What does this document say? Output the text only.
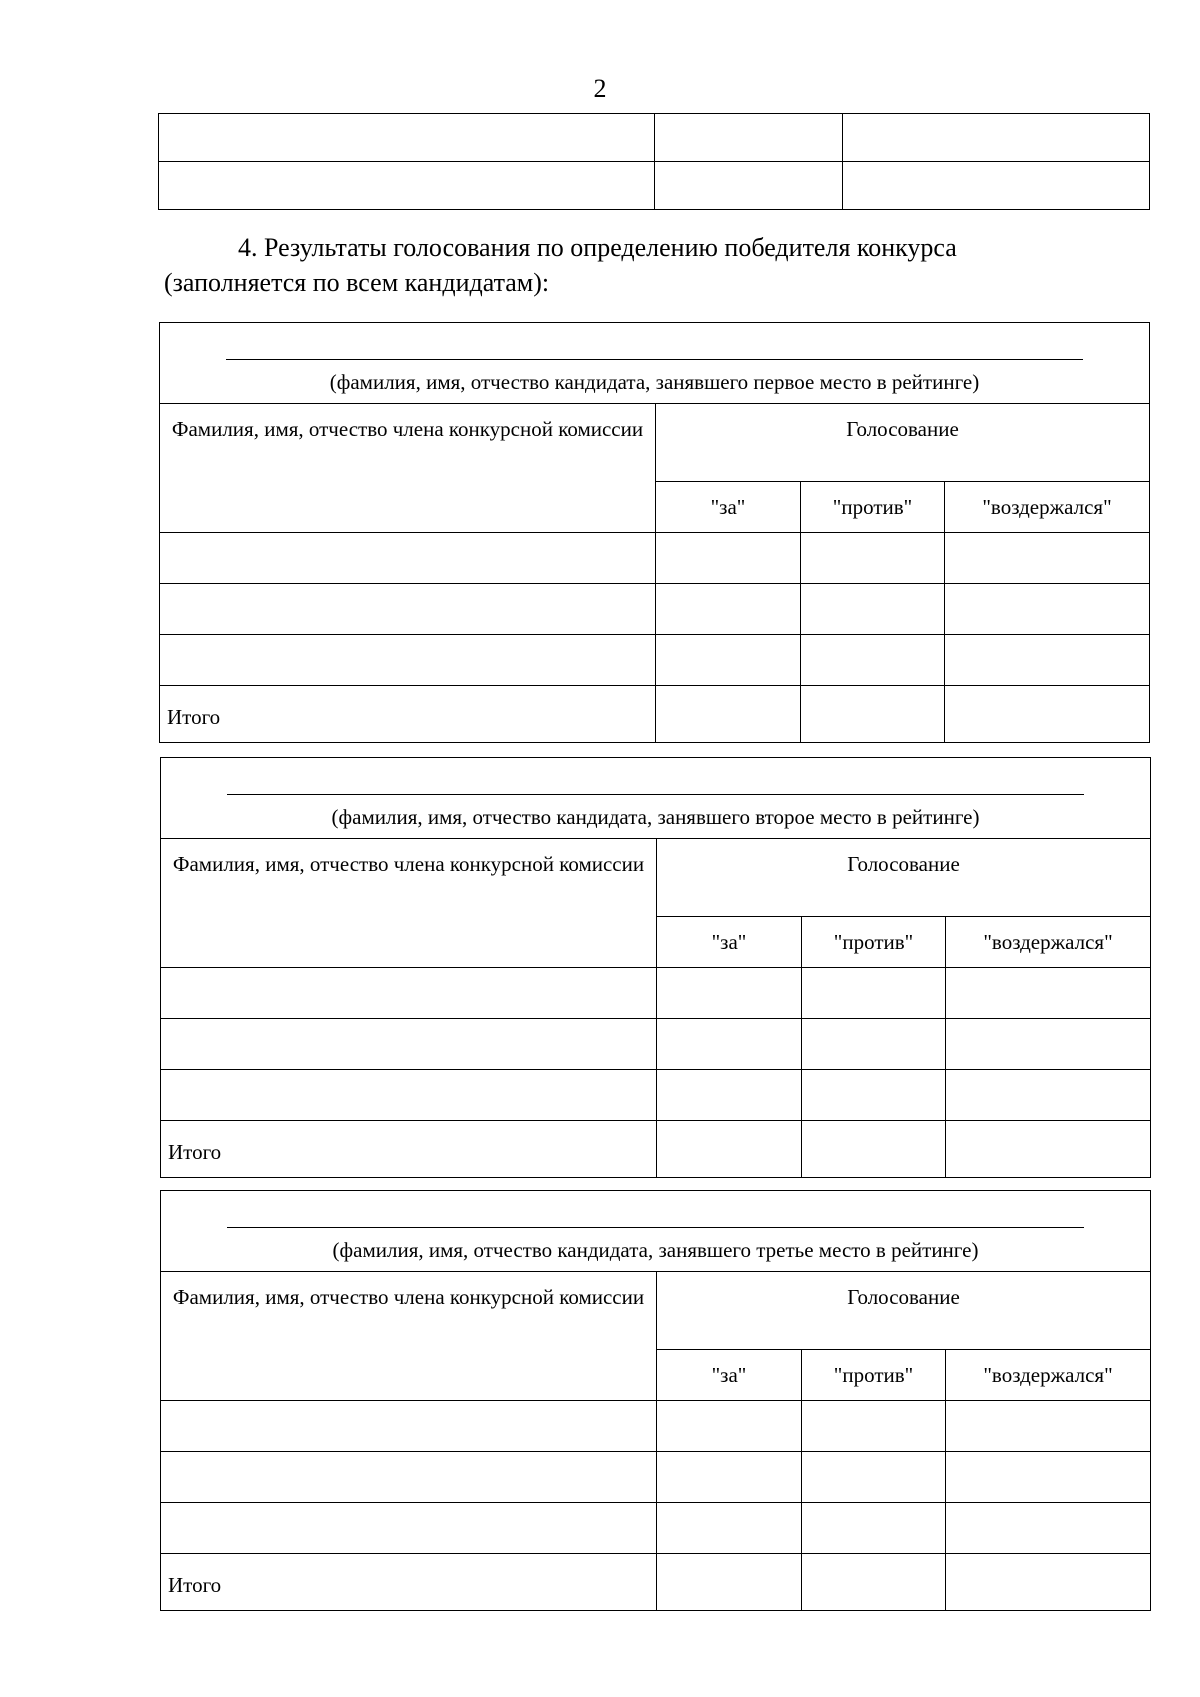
2

4. Результаты голосования по определению победителя конкурса
(заполняется по всем кандидатам):
(фамилия, имя, отчество кандидата, занявшего первое место в рейтинге)			

Фамилия, имя, отчество члена конкурсной комиссии	Голосование		
	"за"	"против"	"воздержался"

Итого			
(фамилия, имя, отчество кандидата, занявшего второе место в рейтинге)			

Фамилия, имя, отчество члена конкурсной комиссии	Голосование		
	"за"	"против"	"воздержался"

Итого			
(фамилия, имя, отчество кандидата, занявшего третье место в рейтинге)			

Фамилия, имя, отчество члена конкурсной комиссии	Голосование		
	"за"	"против"	"воздержался"

Итого			
